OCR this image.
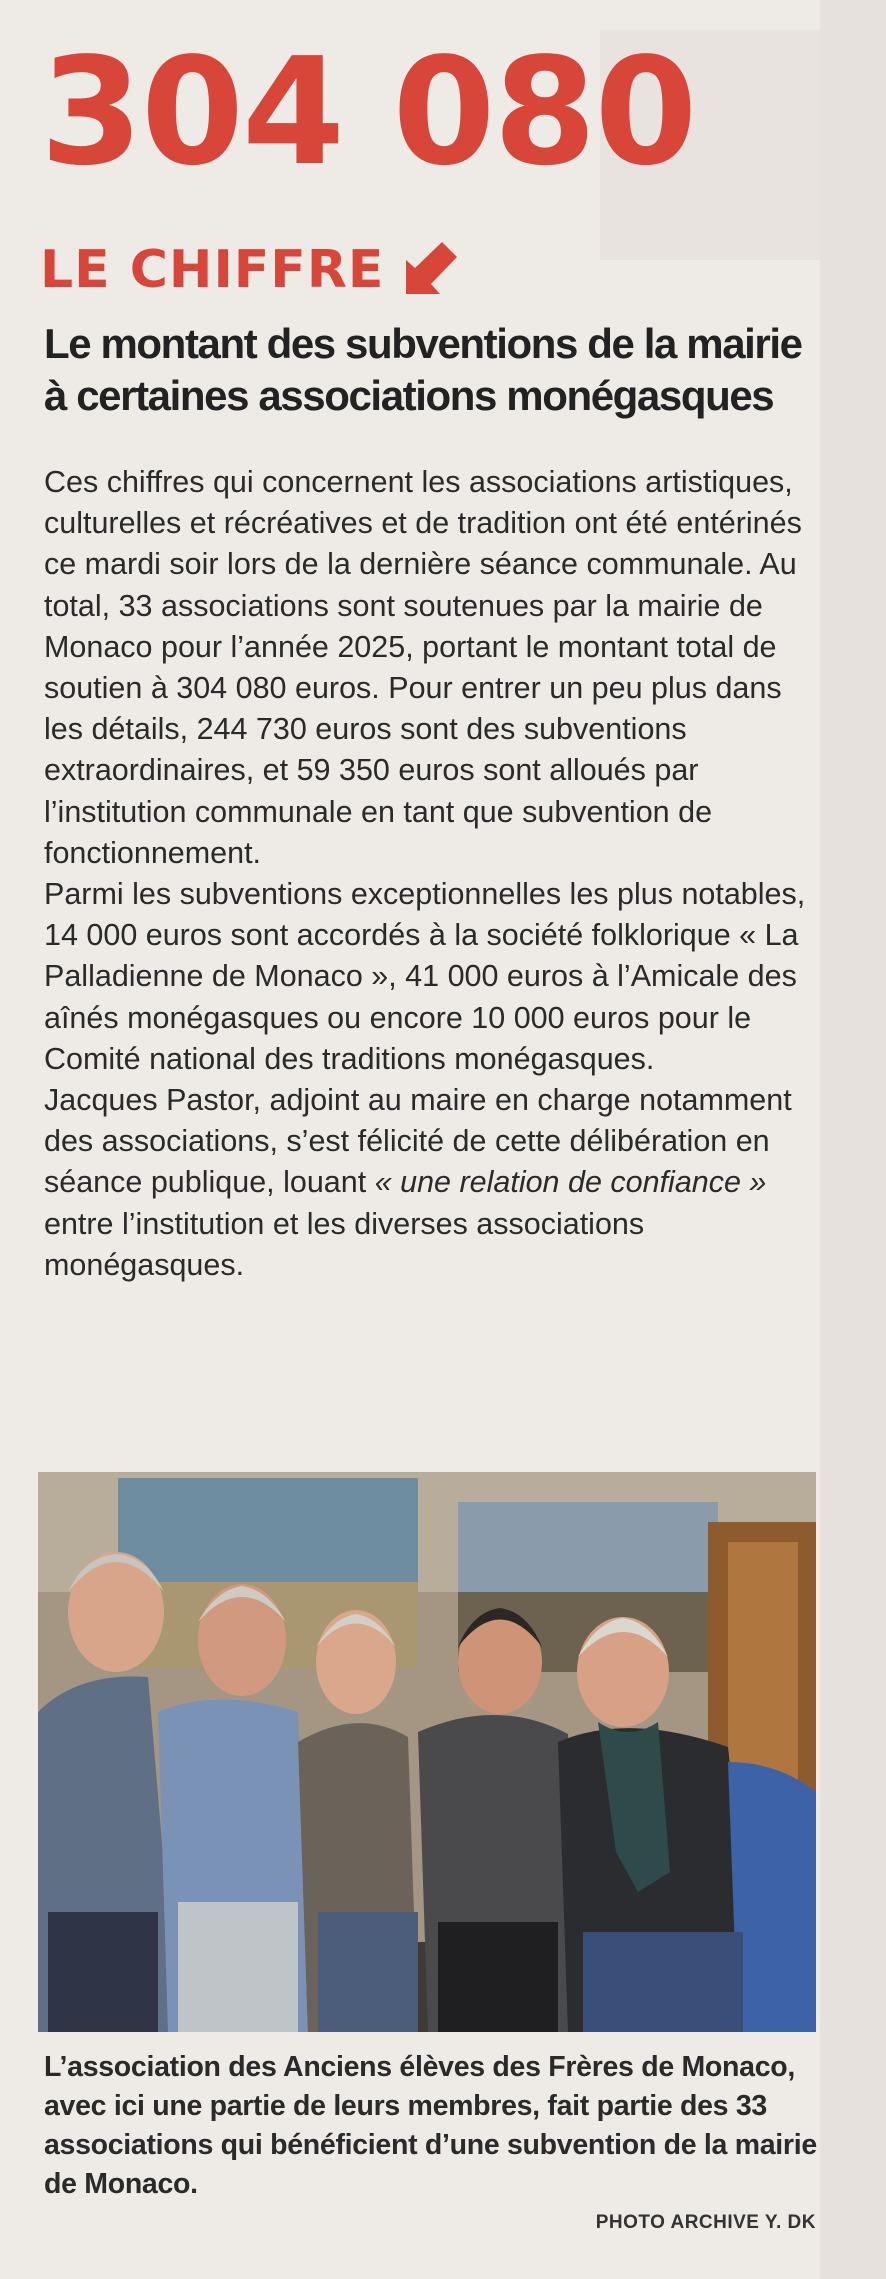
304 080
LE CHIFFRE
Le montant des subventions de la mairie à certaines associations monégasques

Ces chiffres qui concernent les associations artistiques, culturelles et récréatives et de tradition ont été entérinés ce mardi soir lors de la dernière séance communale. Au total, 33 associations sont soutenues par la mairie de Monaco pour l’année 2025, portant le montant total de soutien à 304 080 euros. Pour entrer un peu plus dans les détails, 244 730 euros sont des subventions extraordinaires, et 59 350 euros sont alloués par l’institution communale en tant que subvention de fonctionnement.

Parmi les subventions exceptionnelles les plus notables, 14 000 euros sont accordés à la société folklorique « La Palladienne de Monaco », 41 000 euros à l’Amicale des aînés monégasques ou encore 10 000 euros pour le Comité national des traditions monégasques.

Jacques Pastor, adjoint au maire en charge notamment des associations, s’est félicité de cette délibération en séance publique, louant « une relation de confiance » entre l’institution et les diverses associations monégasques.

L’association des Anciens élèves des Frères de Monaco, avec ici une partie de leurs membres, fait partie des 33 associations qui bénéficient d’une subvention de la mairie de Monaco.
PHOTO ARCHIVE Y. DK
